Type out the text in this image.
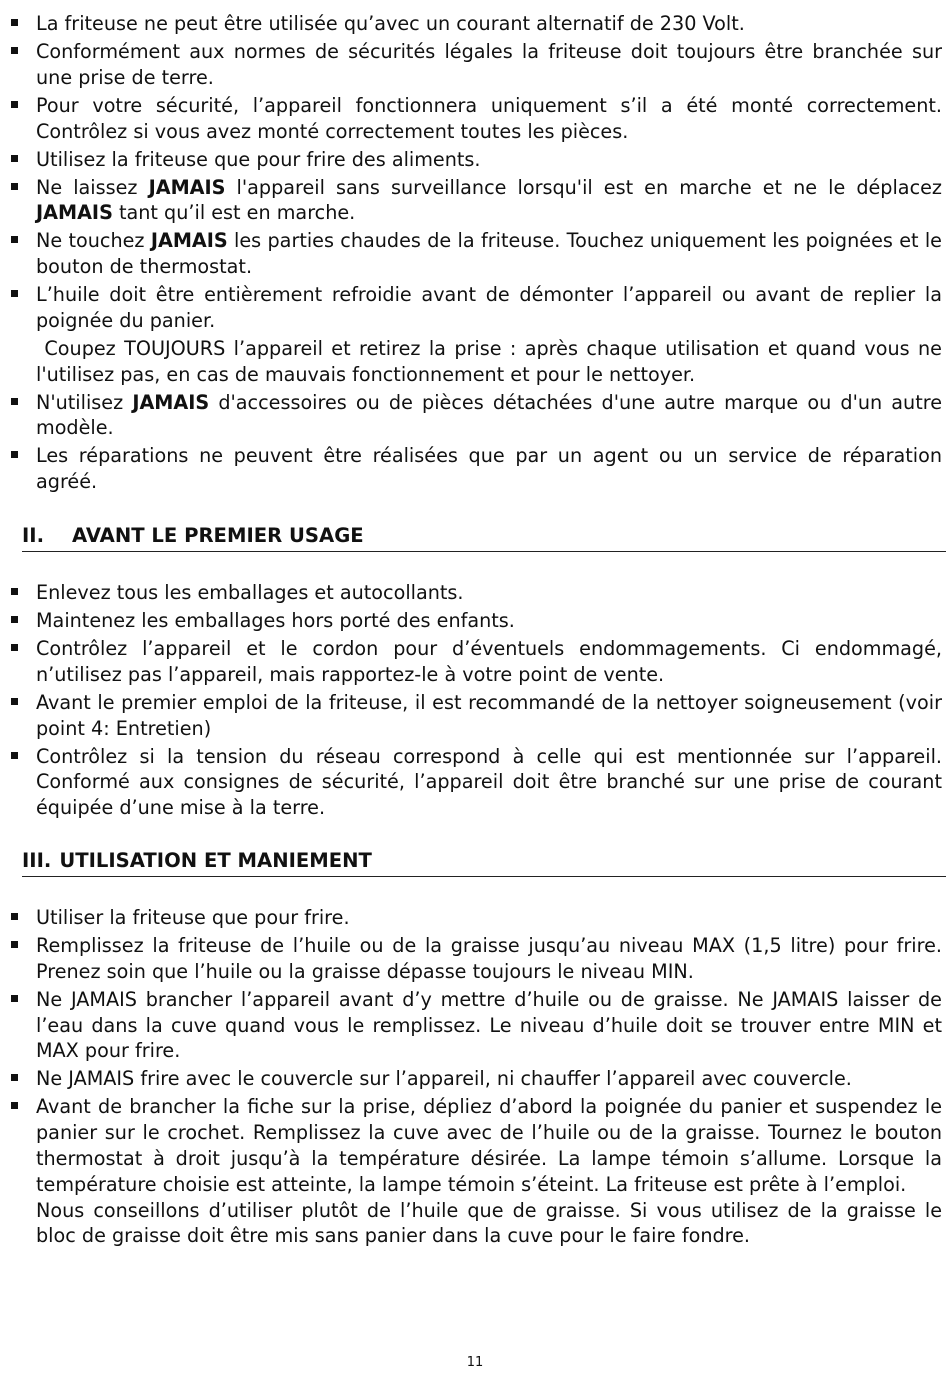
La friteuse ne peut être utilisée qu’avec un courant alternatif de 230 Volt.
Conformément aux normes de sécurités légales la friteuse doit toujours être branchée sur une prise de terre.
Pour votre sécurité, l’appareil fonctionnera uniquement s’il a été monté correctement. Contrôlez si vous avez monté correctement toutes les pièces.
Utilisez la friteuse que pour frire des aliments.
Ne laissez JAMAIS l'appareil sans surveillance lorsqu'il est en marche et ne le déplacez JAMAIS tant qu’il est en marche.
Ne touchez JAMAIS les parties chaudes de la friteuse. Touchez uniquement les poignées et le bouton de thermostat.
L’huile doit être entièrement refroidie avant de démonter l’appareil ou avant de replier la poignée du panier.
Coupez TOUJOURS l’appareil et retirez la prise : après chaque utilisation et quand vous ne l'utilisez pas, en cas de mauvais fonctionnement et pour le nettoyer.
N'utilisez JAMAIS d'accessoires ou de pièces détachées d'une autre marque ou d'un autre modèle.
Les réparations ne peuvent être réalisées que par un agent ou un service de réparation agréé.
II. AVANT LE PREMIER USAGE
Enlevez tous les emballages et autocollants.
Maintenez les emballages hors porté des enfants.
Contrôlez l’appareil et le cordon pour d’éventuels endommagements. Ci endommagé, n’utilisez pas l’appareil, mais rapportez-le à votre point de vente.
Avant le premier emploi de la friteuse, il est recommandé de la nettoyer soigneusement (voir point 4: Entretien)
Contrôlez si la tension du réseau correspond à celle qui est mentionnée sur l’appareil. Conformé aux consignes de sécurité, l’appareil doit être branché sur une prise de courant équipée d’une mise à la terre.
III. UTILISATION ET MANIEMENT
Utiliser la friteuse que pour frire.
Remplissez la friteuse de l’huile ou de la graisse jusqu’au niveau MAX (1,5 litre) pour frire. Prenez soin que l’huile ou la graisse dépasse toujours le niveau MIN.
Ne JAMAIS brancher l’appareil avant d’y mettre d’huile ou de graisse. Ne JAMAIS laisser de l’eau dans la cuve quand vous le remplissez. Le niveau d’huile doit se trouver entre MIN et MAX pour frire.
Ne JAMAIS frire avec le couvercle sur l’appareil, ni chauffer l’appareil avec couvercle.
Avant de brancher la fiche sur la prise, dépliez d’abord la poignée du panier et suspendez le panier sur le crochet. Remplissez la cuve avec de l’huile ou de la graisse. Tournez le bouton thermostat à droit jusqu’à la température désirée. La lampe témoin s’allume. Lorsque la température choisie est atteinte, la lampe témoin s’éteint. La friteuse est prête à l’emploi.
Nous conseillons d’utiliser plutôt de l’huile que de graisse. Si vous utilisez de la graisse le bloc de graisse doit être mis sans panier dans la cuve pour le faire fondre.
11
